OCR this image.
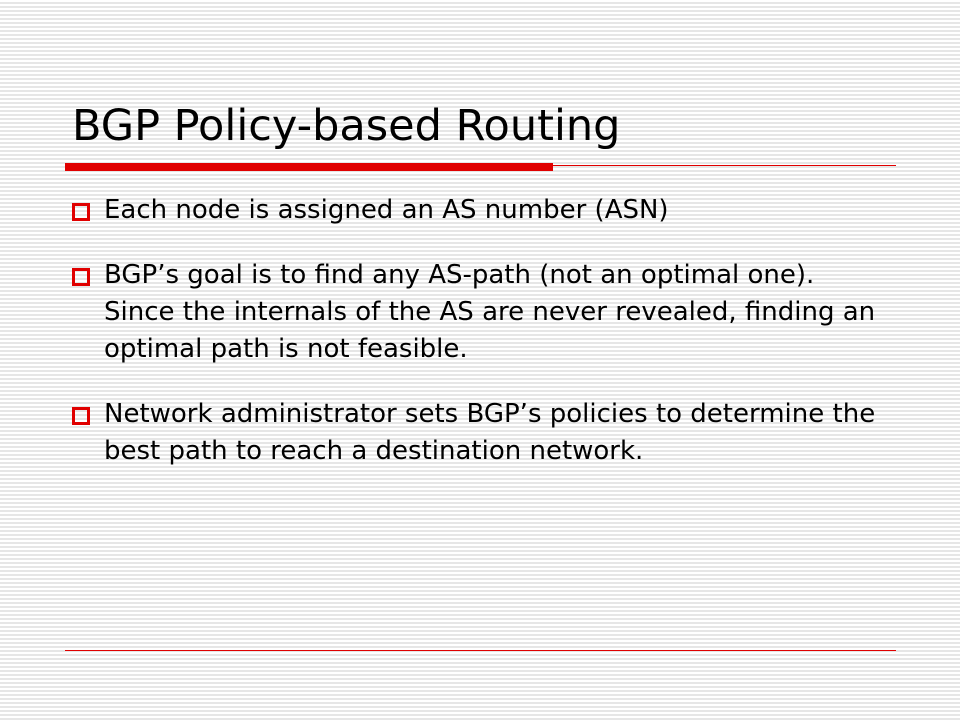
BGP Policy-based Routing
Each node is assigned an AS number (ASN)
BGP’s goal is to find any AS-path (not an optimal one). Since the internals of the AS are never revealed, finding an optimal path is not feasible.
Network administrator sets BGP’s policies to determine the best path to reach a destination network.
